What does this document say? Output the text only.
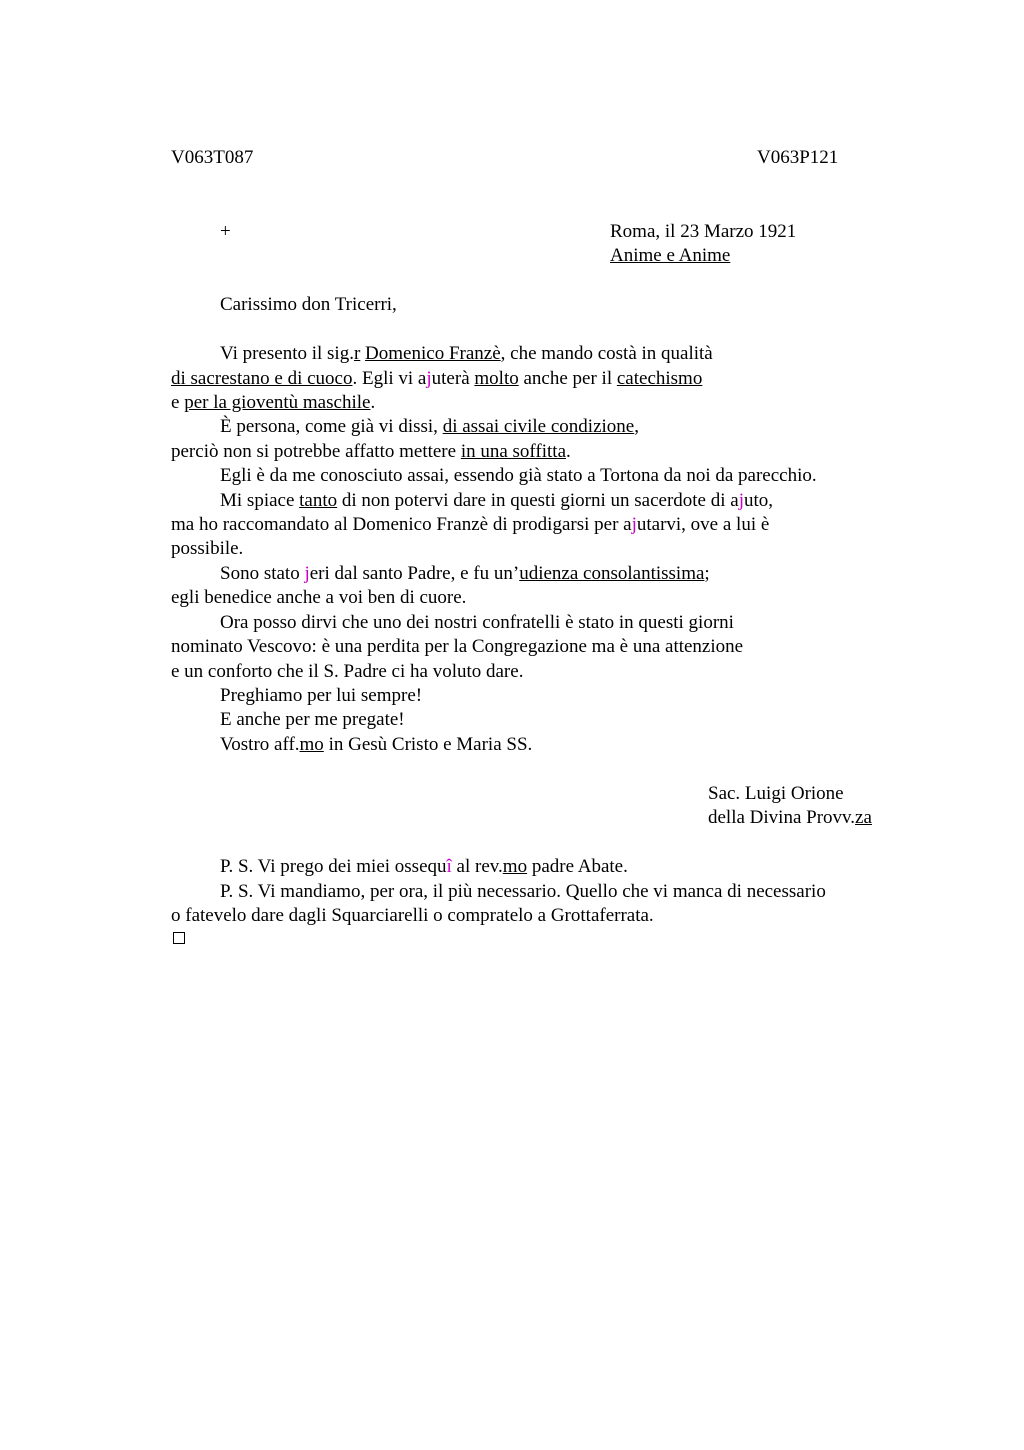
V063T087	V063P121
+	Roma, il 23 Marzo 1921
Anime e Anime
Carissimo don Tricerri,
Vi presento il sig.r Domenico Franzè, che mando costà in qualità
di sacrestano e di cuoco. Egli vi ajuterà molto anche per il catechismo
e per la gioventù maschile.
È persona, come già vi dissi, di assai civile condizione,
perciò non si potrebbe affatto mettere in una soffitta.
Egli è da me conosciuto assai, essendo già stato a Tortona da noi da parecchio.
Mi spiace tanto di non potervi dare in questi giorni un sacerdote di ajuto,
ma ho raccomandato al Domenico Franzè di prodigarsi per ajutarvi, ove a lui è
possibile.
Sono stato jeri dal santo Padre, e fu un’udienza consolantissima;
egli benedice anche a voi ben di cuore.
Ora posso dirvi che uno dei nostri confratelli è stato in questi giorni
nominato Vescovo: è una perdita per la Congregazione ma è una attenzione
e un conforto che il S. Padre ci ha voluto dare.
Preghiamo per lui sempre!
E anche per me pregate!
Vostro aff.mo in Gesù Cristo e Maria SS.
Sac. Luigi Orione
della Divina Provv.za
P. S. Vi prego dei miei ossequî al rev.mo padre Abate.
P. S. Vi mandiamo, per ora, il più necessario. Quello che vi manca di necessario
o fatevelo dare dagli Squarciarelli o compratelo a Grottaferrata.
